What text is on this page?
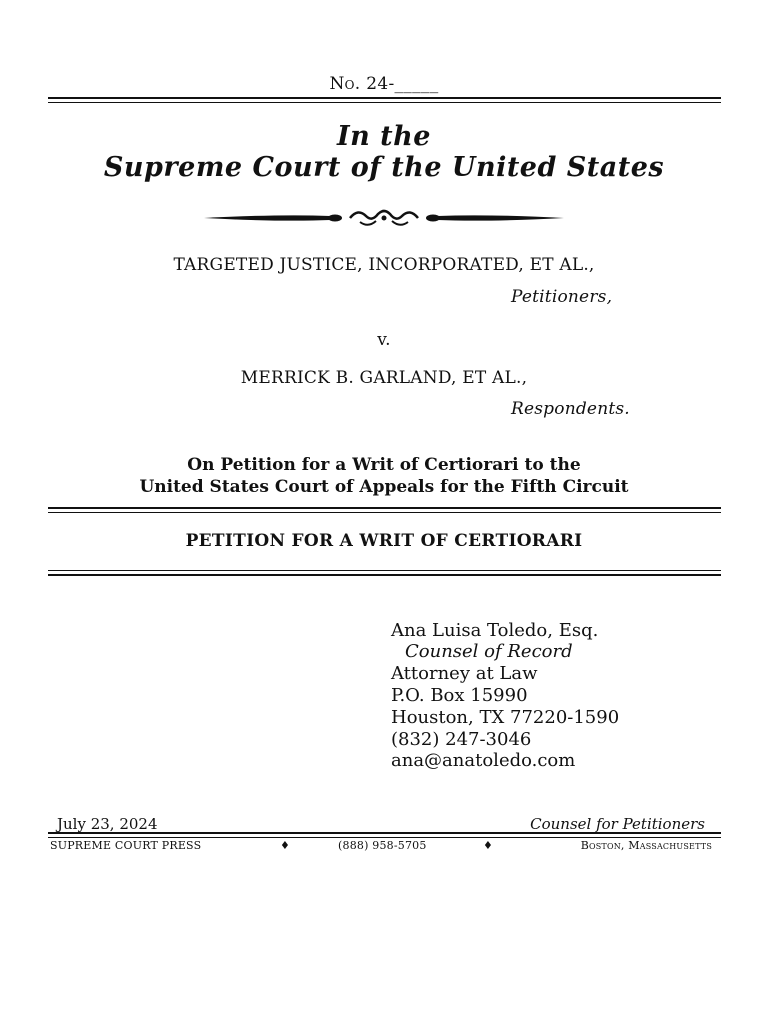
No. 24-_____
In the
Supreme Court of the United States
TARGETED JUSTICE, INCORPORATED, ET AL.,
Petitioners,
v.
MERRICK B. GARLAND, ET AL.,
Respondents.
On Petition for a Writ of Certiorari to the
United States Court of Appeals for the Fifth Circuit
PETITION FOR A WRIT OF CERTIORARI
Ana Luisa Toledo, Esq.
Counsel of Record
Attorney at Law
P.O. Box 15990
Houston, TX 77220-1590
(832) 247-3046
ana@anatoledo.com
July 23, 2024	Counsel for Petitioners
SUPREME COURT PRESS	♦	(888) 958-5705	♦	Boston, Massachusetts
